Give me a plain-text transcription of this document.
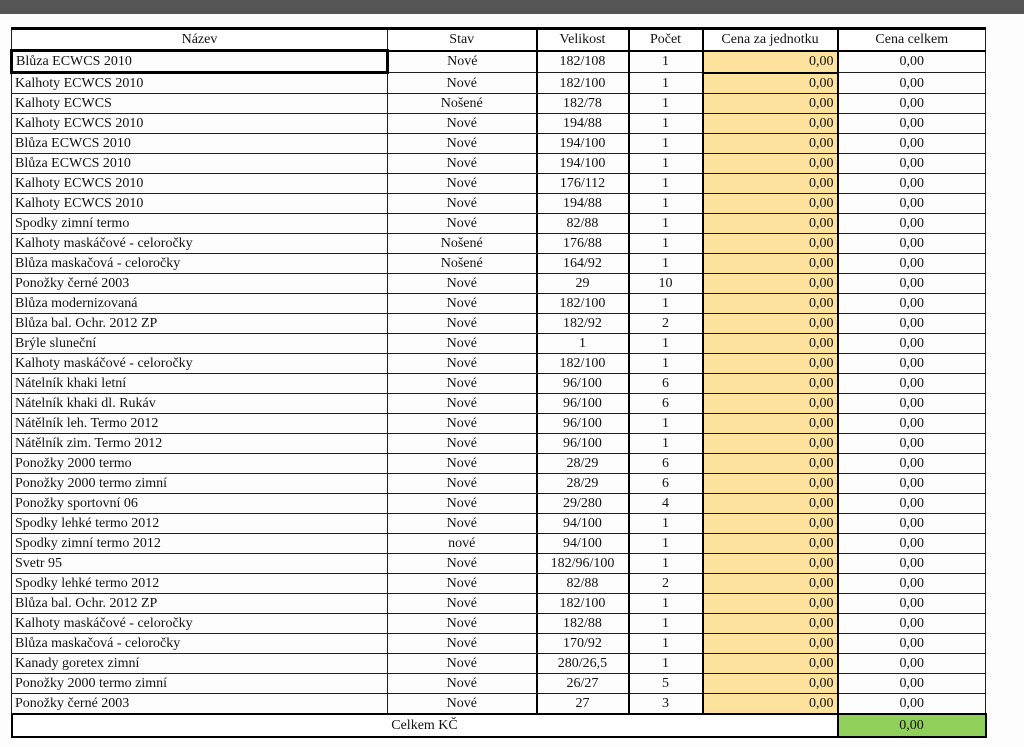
Název	Stav	Velikost	Počet	Cena za jednotku	Cena celkem
Blůza ECWCS 2010	Nové	182/108	1	0,00	0,00
Kalhoty ECWCS 2010	Nové	182/100	1	0,00	0,00
Kalhoty ECWCS	Nošené	182/78	1	0,00	0,00
Kalhoty ECWCS 2010	Nové	194/88	1	0,00	0,00
Blůza ECWCS 2010	Nové	194/100	1	0,00	0,00
Blůza ECWCS 2010	Nové	194/100	1	0,00	0,00
Kalhoty ECWCS 2010	Nové	176/112	1	0,00	0,00
Kalhoty ECWCS 2010	Nové	194/88	1	0,00	0,00
Spodky zimní termo	Nové	82/88	1	0,00	0,00
Kalhoty maskáčové - celoročky	Nošené	176/88	1	0,00	0,00
Blůza maskačová - celoročky	Nošené	164/92	1	0,00	0,00
Ponožky černé 2003	Nové	29	10	0,00	0,00
Blůza modernizovaná	Nové	182/100	1	0,00	0,00
Blůza bal. Ochr. 2012 ZP	Nové	182/92	2	0,00	0,00
Brýle sluneční	Nové	1	1	0,00	0,00
Kalhoty maskáčové - celoročky	Nové	182/100	1	0,00	0,00
Nátelník khaki letní	Nové	96/100	6	0,00	0,00
Nátelník khaki dl. Rukáv	Nové	96/100	6	0,00	0,00
Nátělník leh. Termo 2012	Nové	96/100	1	0,00	0,00
Nátělník zim. Termo 2012	Nové	96/100	1	0,00	0,00
Ponožky 2000 termo	Nové	28/29	6	0,00	0,00
Ponožky 2000 termo zimní	Nové	28/29	6	0,00	0,00
Ponožky sportovní 06	Nové	29/280	4	0,00	0,00
Spodky lehké termo 2012	Nové	94/100	1	0,00	0,00
Spodky zimní termo 2012	nové	94/100	1	0,00	0,00
Svetr 95	Nové	182/96/100	1	0,00	0,00
Spodky lehké termo 2012	Nové	82/88	2	0,00	0,00
Blůza bal. Ochr. 2012 ZP	Nové	182/100	1	0,00	0,00
Kalhoty maskáčové - celoročky	Nové	182/88	1	0,00	0,00
Blůza maskačová - celoročky	Nové	170/92	1	0,00	0,00
Kanady goretex zimní	Nové	280/26,5	1	0,00	0,00
Ponožky 2000 termo zimní	Nové	26/27	5	0,00	0,00
Ponožky černé 2003	Nové	27	3	0,00	0,00
Celkem KČ					0,00
